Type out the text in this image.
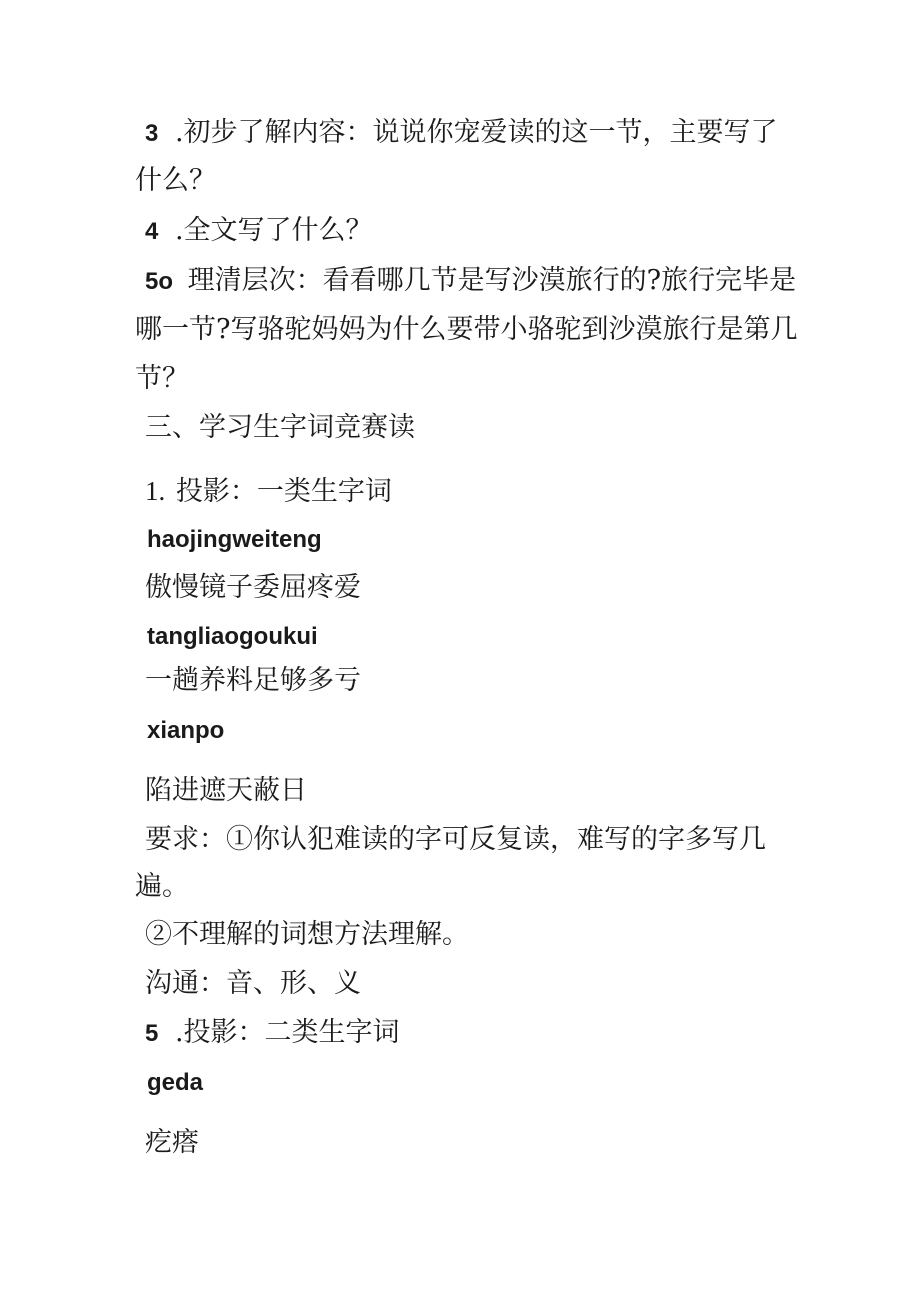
3 .初步了解内容：说说你宠爱读的这一节，主要写了
什么？
4 .全文写了什么？
5o 理清层次：看看哪几节是写沙漠旅行的?旅行完毕是
哪一节?写骆驼妈妈为什么要带小骆驼到沙漠旅行是第几
节？
三、学习生字词竞赛读
1. 投影：一类生字词
haojingweiteng
傲慢镜子委屈疼爱
tangliaogoukui
一趟养料足够多亏
xianpo
陷进遮天蔽日
要求：①你认犯难读的字可反复读，难写的字多写几
遍。
②不理解的词想方法理解。
沟通：音、形、义
5 .投影：二类生字词
geda
疙瘩
